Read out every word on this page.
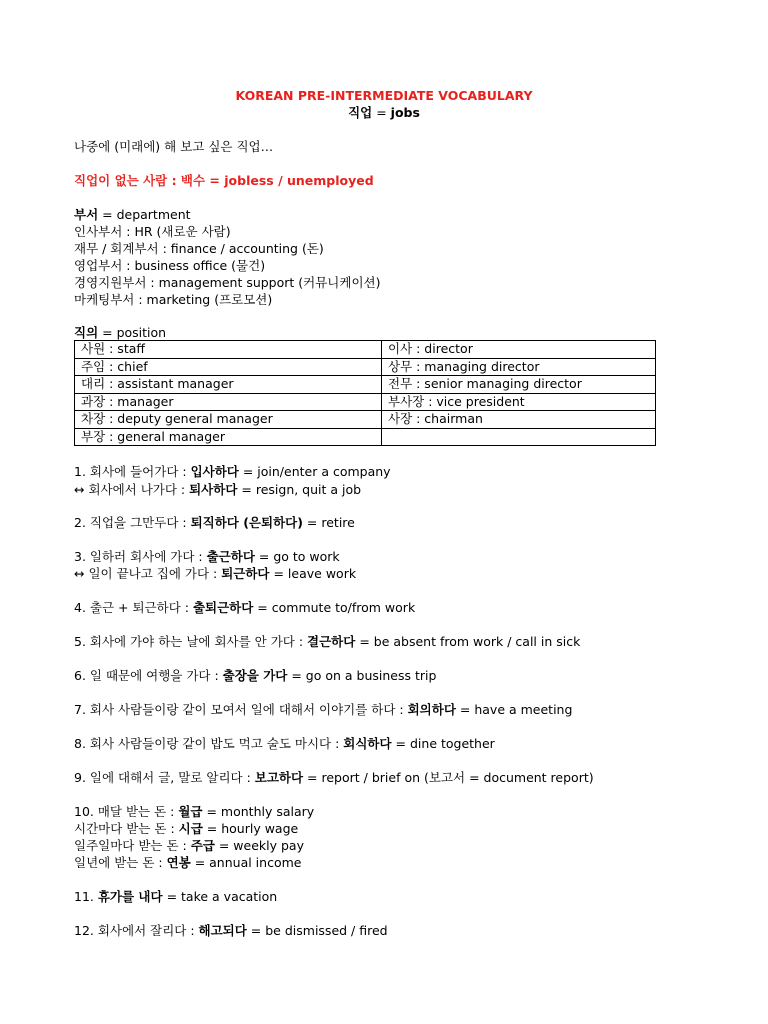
KOREAN PRE-INTERMEDIATE VOCABULARY
직업 = jobs
나중에 (미래에) 해 보고 싶은 직업…
직업이 없는 사람 : 백수 = jobless / unemployed
부서 = department
인사부서 : HR (새로운 사람)
재무 / 회계부서 : finance / accounting (돈)
영업부서 : business office (물건)
경영지원부서 : management support (커뮤니케이션)
마케팅부서 : marketing (프로모션)
직의 = position
사원 : staff	이사 : director
주임 : chief	상무 : managing director
대리 : assistant manager	전무 : senior managing director
과장 : manager	부사장 : vice president
차장 : deputy general manager	사장 : chairman
부장 : general manager	
1. 회사에 들어가다 : 입사하다 = join/enter a company
↔ 회사에서 나가다 : 퇴사하다 = resign, quit a job
2. 직업을 그만두다 : 퇴직하다 (은퇴하다) = retire
3. 일하러 회사에 가다 : 출근하다 = go to work
↔ 일이 끝나고 집에 가다 : 퇴근하다 = leave work
4. 출근 + 퇴근하다 : 출퇴근하다 = commute to/from work
5. 회사에 가야 하는 날에 회사를 안 가다 : 결근하다 = be absent from work / call in sick
6. 일 때문에 여행을 가다 : 출장을 가다 = go on a business trip
7. 회사 사람들이랑 같이 모여서 일에 대해서 이야기를 하다 : 회의하다 = have a meeting
8. 회사 사람들이랑 같이 밥도 먹고 술도 마시다 : 회식하다 = dine together
9. 일에 대해서 글, 말로 알리다 : 보고하다 = report / brief on (보고서 = document report)
10. 매달 받는 돈 : 월급 = monthly salary
시간마다 받는 돈 : 시급 = hourly wage
일주일마다 받는 돈 : 주급 = weekly pay
일년에 받는 돈 : 연봉 = annual income
11. 휴가를 내다 = take a vacation
12. 회사에서 잘리다 : 해고되다 = be dismissed / fired
